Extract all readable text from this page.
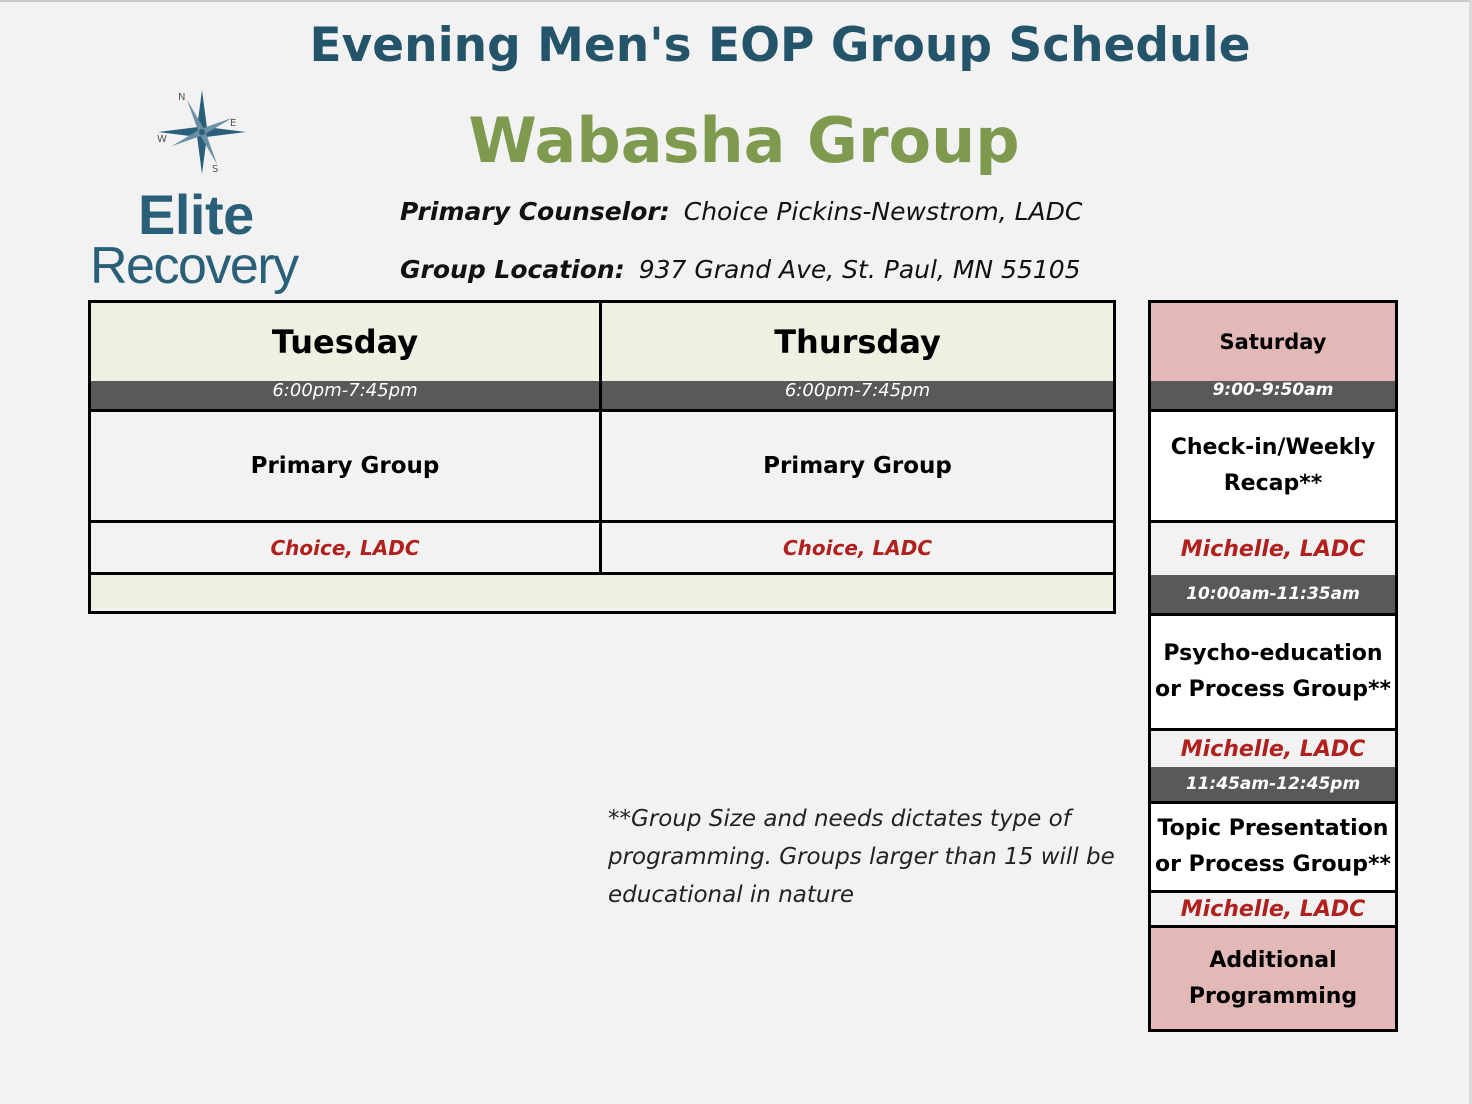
Evening Men's EOP Group Schedule
Wabasha Group
N
E
S
W
Elite
Recovery
Primary Counselor: Choice Pickins-Newstrom, LADC
Group Location: 937 Grand Ave, St. Paul, MN 55105
Tuesday	Thursday
6:00pm-7:45pm	6:00pm-7:45pm
Primary Group	Primary Group
Choice, LADC	Choice, LADC
Saturday
9:00-9:50am
Check-in/Weekly
Recap**
Michelle, LADC
10:00am-11:35am
Psycho-education
or Process Group**
Michelle, LADC
11:45am-12:45pm
Topic Presentation
or Process Group**
Michelle, LADC
Additional
Programming
**Group Size and needs dictates type of programming. Groups larger than 15 will be educational in nature
